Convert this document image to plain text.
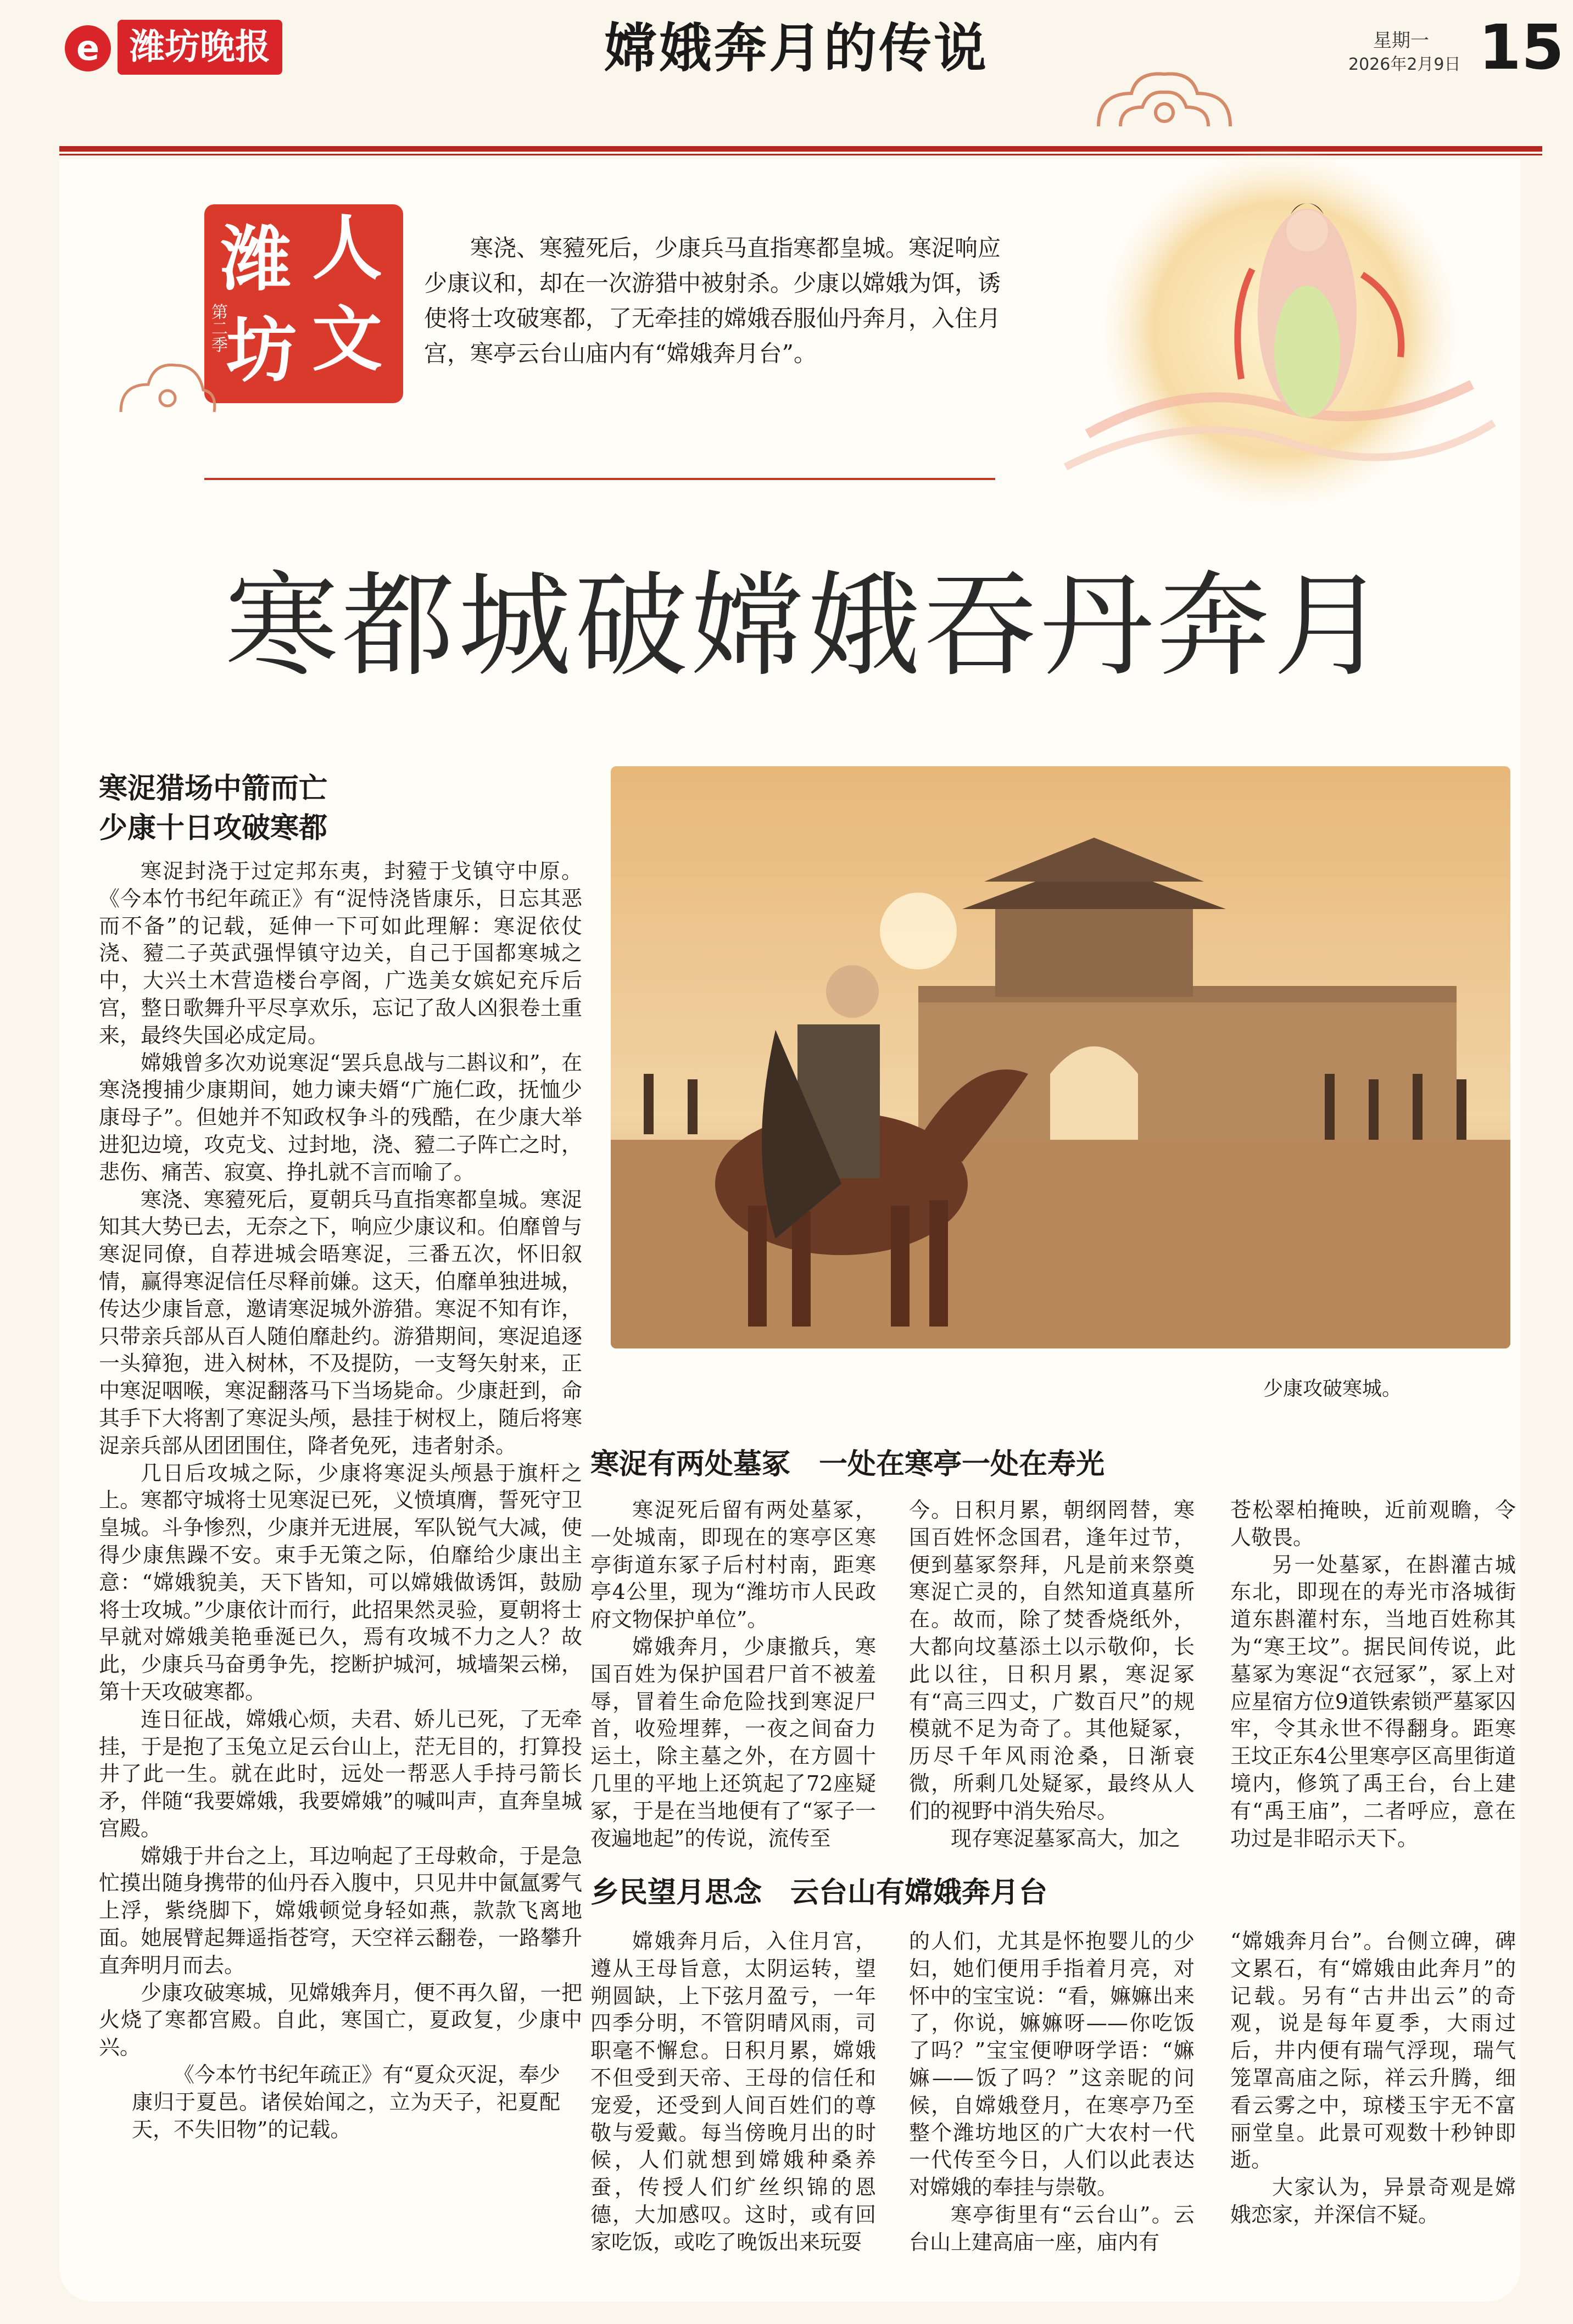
e 潍坊晚报	嫦娥奔月的传说	星期一
2026年2月9日 15
潍 人
坊 文
第二季

寒浇、寒豷死后，少康兵马直指寒都皇城。寒浞响应少康议和，却在一次游猎中被射杀。少康以嫦娥为饵，诱使将士攻破寒都，了无牵挂的嫦娥吞服仙丹奔月，入住月宫，寒亭云台山庙内有“嫦娥奔月台”。

寒都城破嫦娥吞丹奔月
寒浞猎场中箭而亡
少康十日攻破寒都

寒浞封浇于过定邦东夷，封豷于戈镇守中原。《今本竹书纪年疏正》有“浞恃浇皆康乐，日忘其恶而不备”的记载，延伸一下可如此理解：寒浞依仗浇、豷二子英武强悍镇守边关，自己于国都寒城之中，大兴土木营造楼台亭阁，广选美女嫔妃充斥后宫，整日歌舞升平尽享欢乐，忘记了敌人凶狠卷土重来，最终失国必成定局。

嫦娥曾多次劝说寒浞“罢兵息战与二斟议和”，在寒浇搜捕少康期间，她力谏夫婿“广施仁政，抚恤少康母子”。但她并不知政权争斗的残酷，在少康大举进犯边境，攻克戈、过封地，浇、豷二子阵亡之时，悲伤、痛苦、寂寞、挣扎就不言而喻了。

寒浇、寒豷死后，夏朝兵马直指寒都皇城。寒浞知其大势已去，无奈之下，响应少康议和。伯靡曾与寒浞同僚，自荐进城会晤寒浞，三番五次，怀旧叙情，赢得寒浞信任尽释前嫌。这天，伯靡单独进城，传达少康旨意，邀请寒浞城外游猎。寒浞不知有诈，只带亲兵部从百人随伯靡赴约。游猎期间，寒浞追逐一头獐狍，进入树林，不及提防，一支弩矢射来，正中寒浞咽喉，寒浞翻落马下当场毙命。少康赶到，命其手下大将割了寒浞头颅，悬挂于树杈上，随后将寒浞亲兵部从团团围住，降者免死，违者射杀。

几日后攻城之际，少康将寒浞头颅悬于旗杆之上。寒都守城将士见寒浞已死，义愤填膺，誓死守卫皇城。斗争惨烈，少康并无进展，军队锐气大减，使得少康焦躁不安。束手无策之际，伯靡给少康出主意：“嫦娥貌美，天下皆知，可以嫦娥做诱饵，鼓励将士攻城。”少康依计而行，此招果然灵验，夏朝将士早就对嫦娥美艳垂涎已久，焉有攻城不力之人？故此，少康兵马奋勇争先，挖断护城河，城墙架云梯，第十天攻破寒都。

连日征战，嫦娥心烦，夫君、娇儿已死，了无牵挂，于是抱了玉兔立足云台山上，茫无目的，打算投井了此一生。就在此时，远处一帮恶人手持弓箭长矛，伴随“我要嫦娥，我要嫦娥”的喊叫声，直奔皇城宫殿。

嫦娥于井台之上，耳边响起了王母敕命，于是急忙摸出随身携带的仙丹吞入腹中，只见井中氤氲雾气上浮，紫绕脚下，嫦娥顿觉身轻如燕，款款飞离地面。她展臂起舞遥指苍穹，天空祥云翻卷，一路攀升直奔明月而去。

少康攻破寒城，见嫦娥奔月，便不再久留，一把火烧了寒都宫殿。自此，寒国亡，夏政复，少康中兴。

《今本竹书纪年疏正》有“夏众灭浞，奉少康归于夏邑。诸侯始闻之，立为天子，祀夏配天，不失旧物”的记载。

少康攻破寒城。
寒浞有两处墓冢　一处在寒亭一处在寿光

寒浞死后留有两处墓冢，一处城南，即现在的寒亭区寒亭街道东冢子后村村南，距寒亭4公里，现为“潍坊市人民政府文物保护单位”。

嫦娥奔月，少康撤兵，寒国百姓为保护国君尸首不被羞辱，冒着生命危险找到寒浞尸首，收殓埋葬，一夜之间奋力运土，除主墓之外，在方圆十几里的平地上还筑起了72座疑冢，于是在当地便有了“冢子一夜遍地起”的传说，流传至

今。日积月累，朝纲罔替，寒国百姓怀念国君，逢年过节，便到墓冢祭拜，凡是前来祭奠寒浞亡灵的，自然知道真墓所在。故而，除了焚香烧纸外，大都向坟墓添土以示敬仰，长此以往，日积月累，寒浞冢有“高三四丈，广数百尺”的规模就不足为奇了。其他疑冢，历尽千年风雨沧桑，日渐衰微，所剩几处疑冢，最终从人们的视野中消失殆尽。

现存寒浞墓冢高大，加之

苍松翠柏掩映，近前观瞻，令人敬畏。

另一处墓冢，在斟灌古城东北，即现在的寿光市洛城街道东斟灌村东，当地百姓称其为“寒王坟”。据民间传说，此墓冢为寒浞“衣冠冢”，冢上对应星宿方位9道铁索锁严墓冢囚牢，令其永世不得翻身。距寒王坟正东4公里寒亭区高里街道境内，修筑了禹王台，台上建有“禹王庙”，二者呼应，意在功过是非昭示天下。

乡民望月思念　云台山有嫦娥奔月台

嫦娥奔月后，入住月宫，遵从王母旨意，太阴运转，望朔圆缺，上下弦月盈亏，一年四季分明，不管阴晴风雨，司职毫不懈怠。日积月累，嫦娥不但受到天帝、王母的信任和宠爱，还受到人间百姓们的尊敬与爱戴。每当傍晚月出的时候，人们就想到嫦娥种桑养蚕，传授人们纩丝织锦的恩德，大加感叹。这时，或有回家吃饭，或吃了晚饭出来玩耍

的人们，尤其是怀抱婴儿的少妇，她们便用手指着月亮，对怀中的宝宝说：“看，嫲嫲出来了，你说，嫲嫲呀——你吃饭了吗？”宝宝便咿呀学语：“嫲嫲——饭了吗？”这亲昵的问候，自嫦娥登月，在寒亭乃至整个潍坊地区的广大农村一代一代传至今日，人们以此表达对嫦娥的奉挂与崇敬。

寒亭街里有“云台山”。云台山上建高庙一座，庙内有

“嫦娥奔月台”。台侧立碑，碑文累石，有“嫦娥由此奔月”的记载。另有“古井出云”的奇观，说是每年夏季，大雨过后，井内便有瑞气浮现，瑞气笼罩高庙之际，祥云升腾，细看云雾之中，琼楼玉宇无不富丽堂皇。此景可观数十秒钟即逝。

大家认为，异景奇观是嫦娥恋家，并深信不疑。
